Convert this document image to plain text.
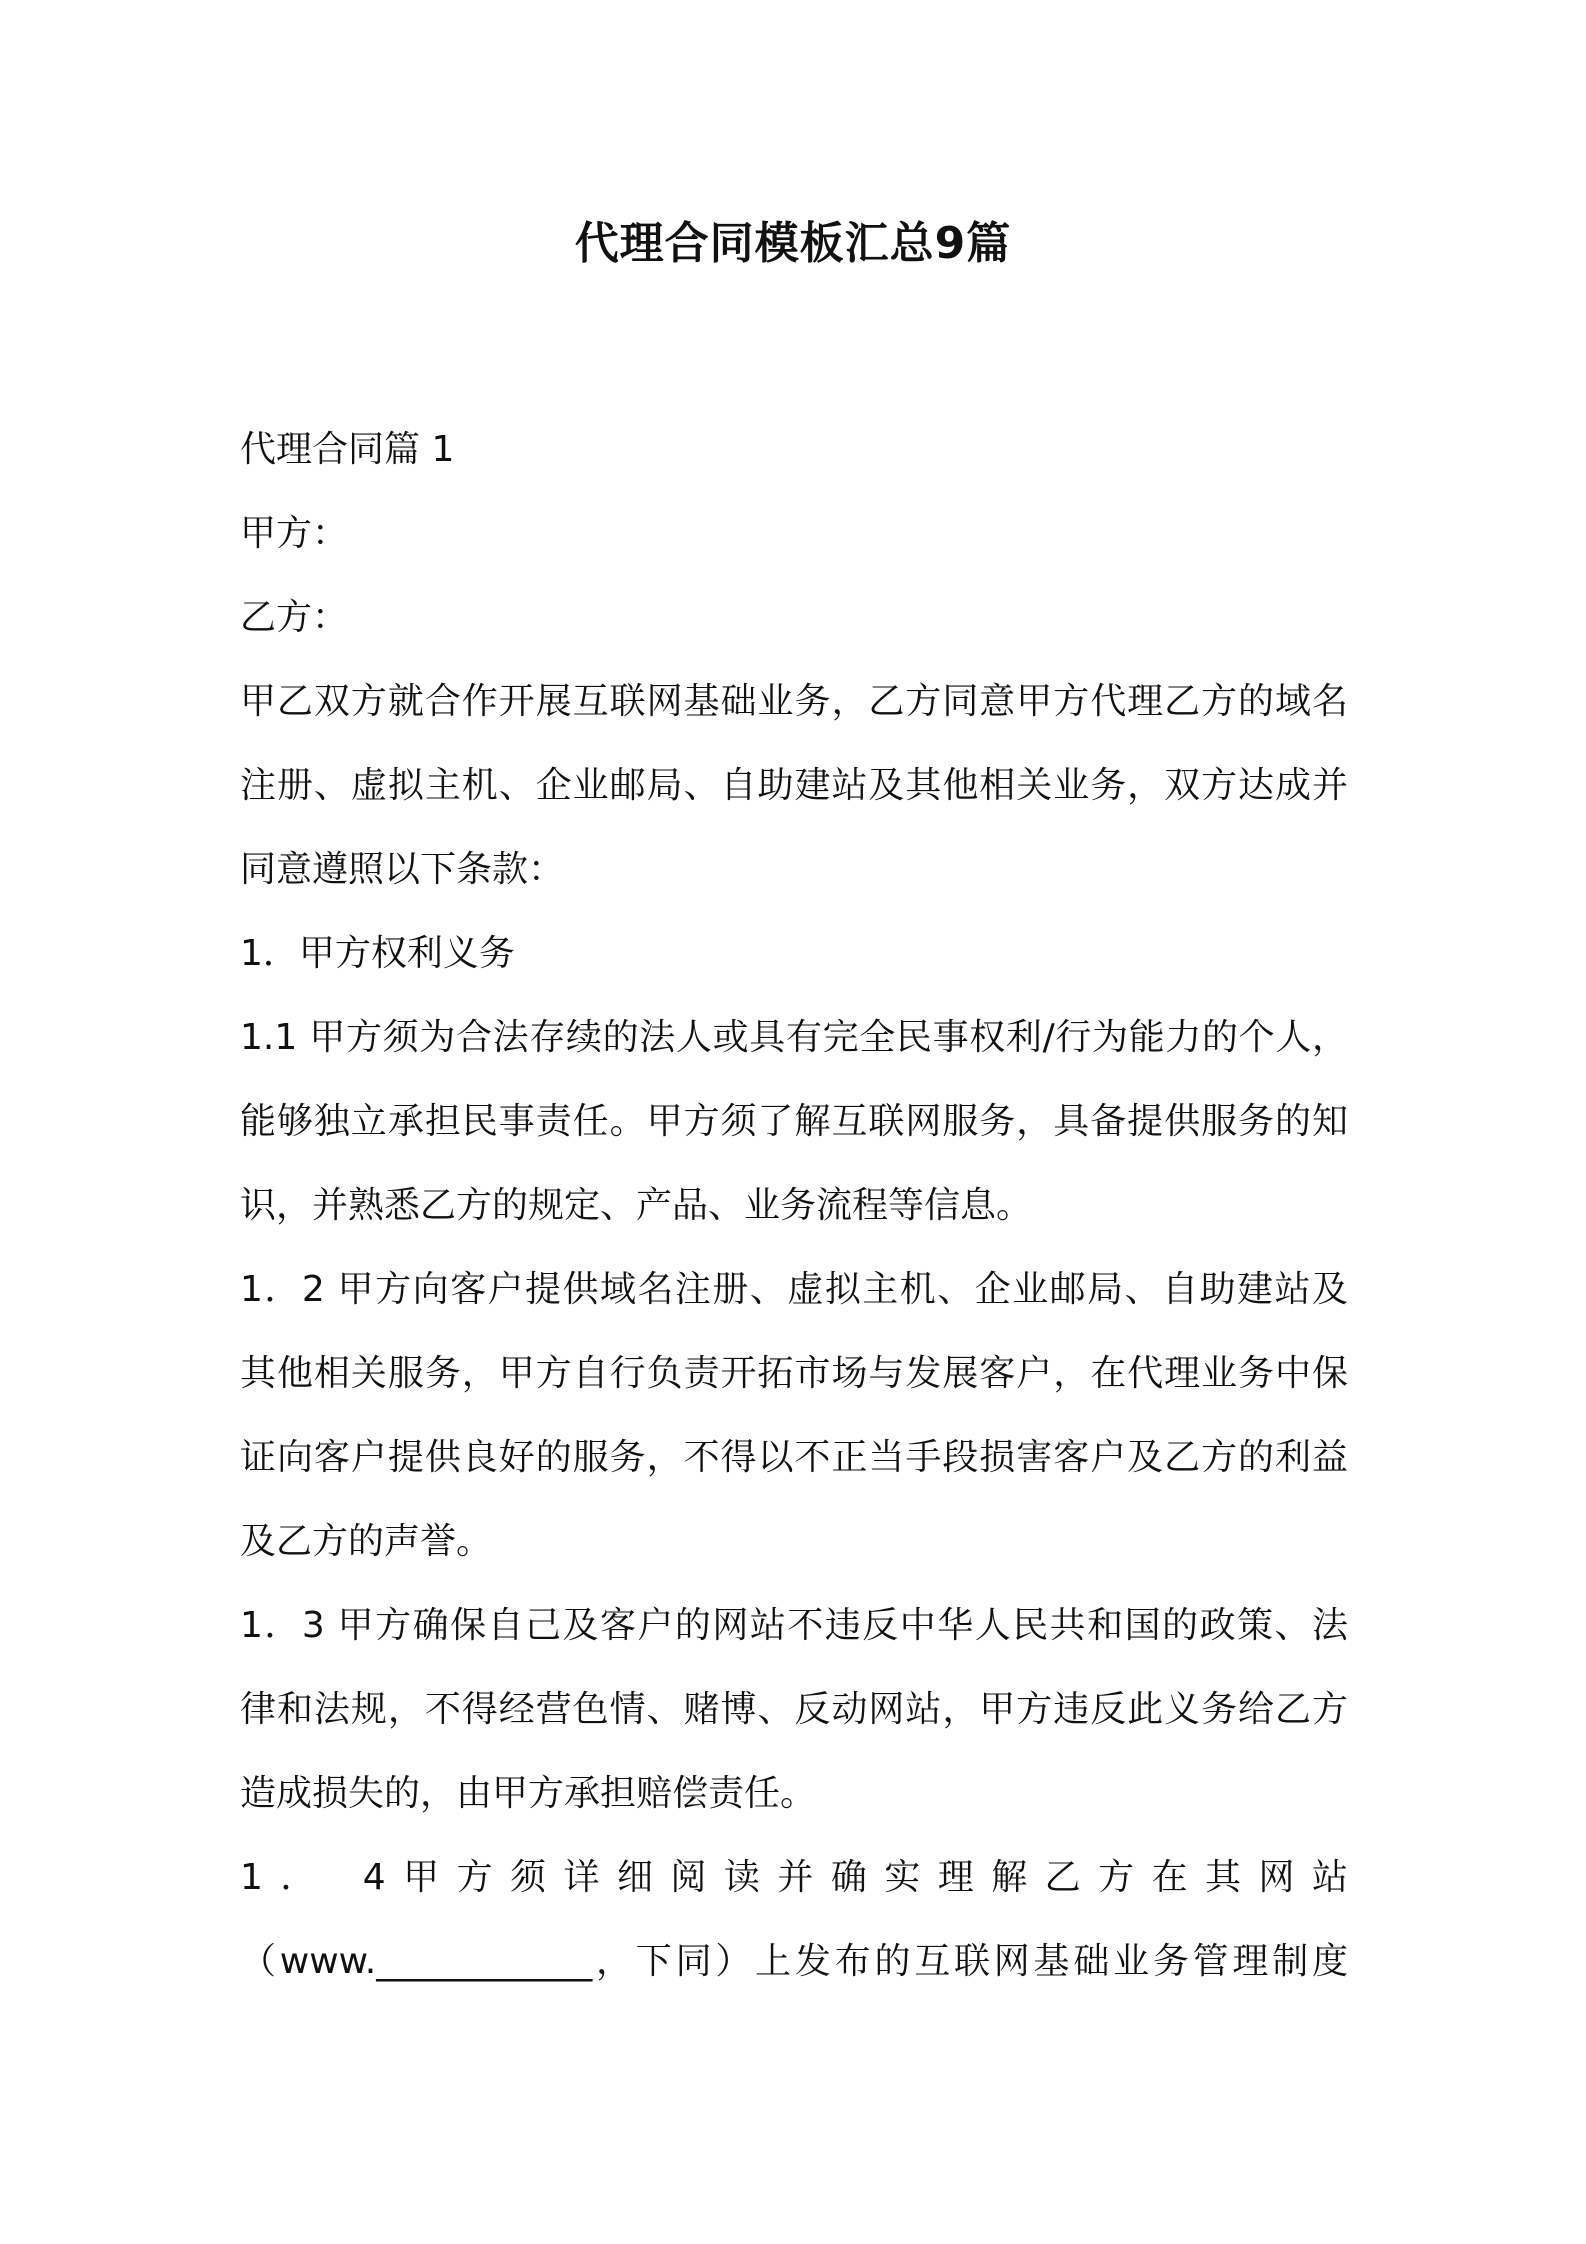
代理合同模板汇总9篇
代理合同篇 1
甲方：
乙方：
甲乙双方就合作开展互联网基础业务，乙方同意甲方代理乙方的域名
注册、虚拟主机、企业邮局、自助建站及其他相关业务，双方达成并
同意遵照以下条款：
1．甲方权利义务
1.1 甲方须为合法存续的法人或具有完全民事权利/行为能力的个人，
能够独立承担民事责任。甲方须了解互联网服务，具备提供服务的知
识，并熟悉乙方的规定、产品、业务流程等信息。
1．2 甲方向客户提供域名注册、虚拟主机、企业邮局、自助建站及
其他相关服务，甲方自行负责开拓市场与发展客户，在代理业务中保
证向客户提供良好的服务，不得以不正当手段损害客户及乙方的利益
及乙方的声誉。
1．3 甲方确保自己及客户的网站不违反中华人民共和国的政策、法
律和法规，不得经营色情、赌博、反动网站，甲方违反此义务给乙方
造成损失的，由甲方承担赔偿责任。
1． 4甲方须详细阅读并确实理解乙方在其网站
（www.____________，下同）上发布的互联网基础业务管理制度
